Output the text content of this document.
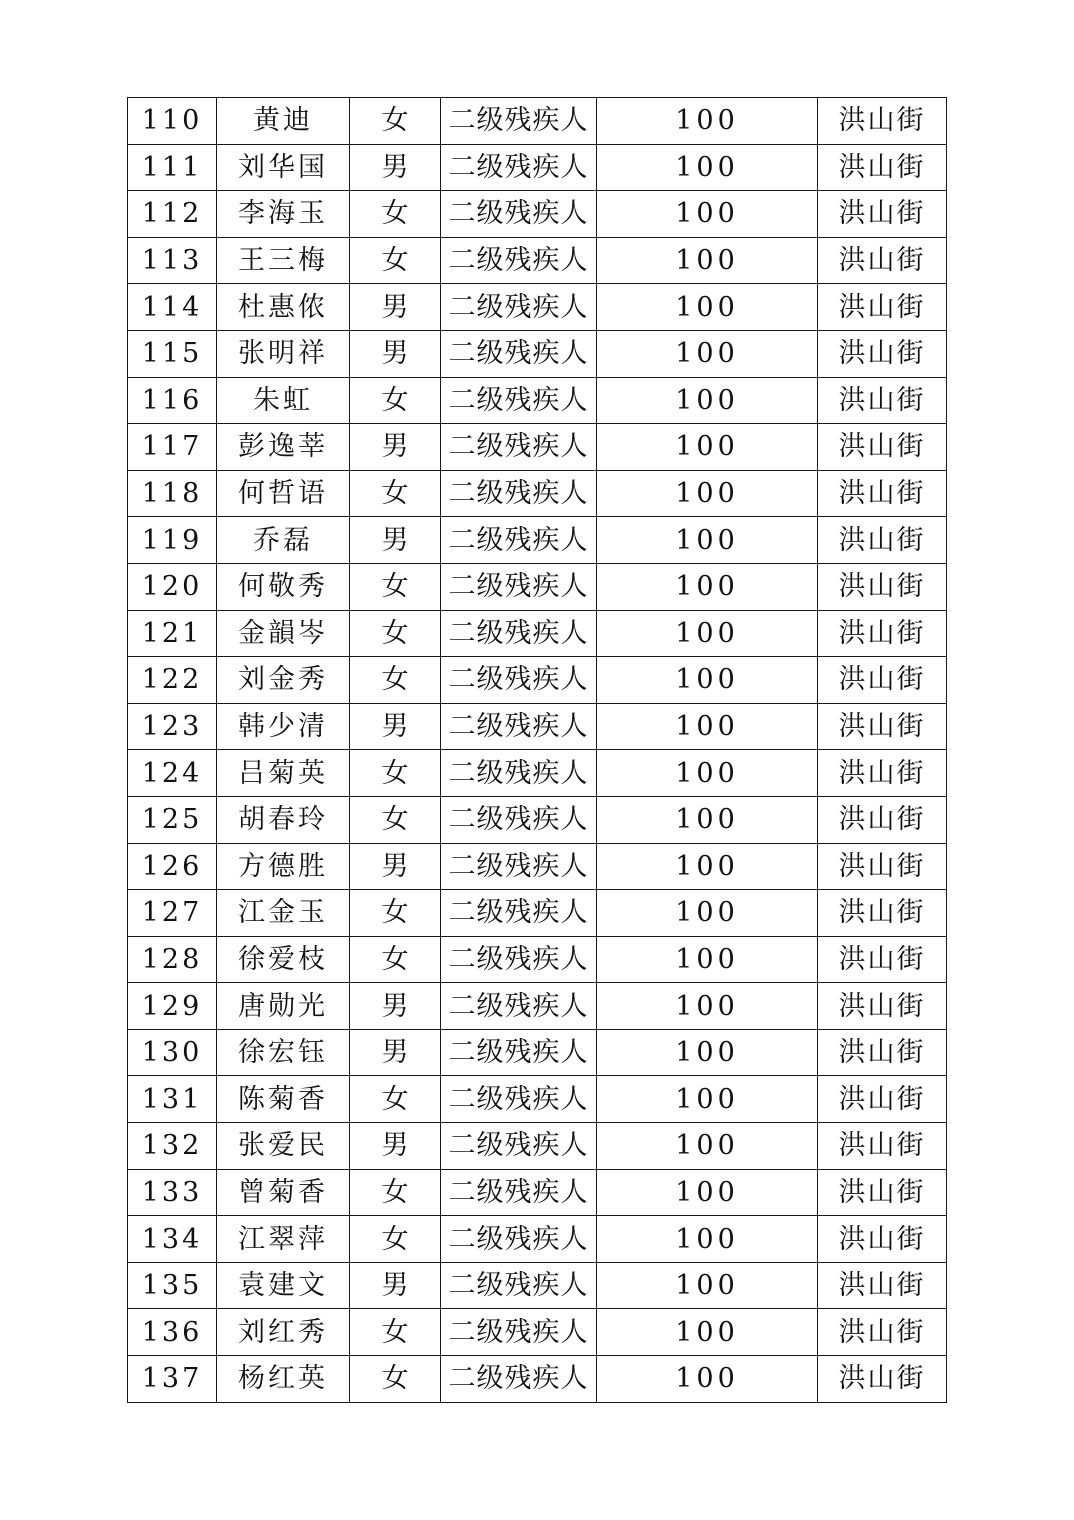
110	黄迪	女	二级残疾人	100	洪山街
111	刘华国	男	二级残疾人	100	洪山街
112	李海玉	女	二级残疾人	100	洪山街
113	王三梅	女	二级残疾人	100	洪山街
114	杜惠侬	男	二级残疾人	100	洪山街
115	张明祥	男	二级残疾人	100	洪山街
116	朱虹	女	二级残疾人	100	洪山街
117	彭逸莘	男	二级残疾人	100	洪山街
118	何哲语	女	二级残疾人	100	洪山街
119	乔磊	男	二级残疾人	100	洪山街
120	何敬秀	女	二级残疾人	100	洪山街
121	金韻岑	女	二级残疾人	100	洪山街
122	刘金秀	女	二级残疾人	100	洪山街
123	韩少清	男	二级残疾人	100	洪山街
124	吕菊英	女	二级残疾人	100	洪山街
125	胡春玲	女	二级残疾人	100	洪山街
126	方德胜	男	二级残疾人	100	洪山街
127	江金玉	女	二级残疾人	100	洪山街
128	徐爱枝	女	二级残疾人	100	洪山街
129	唐勋光	男	二级残疾人	100	洪山街
130	徐宏钰	男	二级残疾人	100	洪山街
131	陈菊香	女	二级残疾人	100	洪山街
132	张爱民	男	二级残疾人	100	洪山街
133	曾菊香	女	二级残疾人	100	洪山街
134	江翠萍	女	二级残疾人	100	洪山街
135	袁建文	男	二级残疾人	100	洪山街
136	刘红秀	女	二级残疾人	100	洪山街
137	杨红英	女	二级残疾人	100	洪山街
